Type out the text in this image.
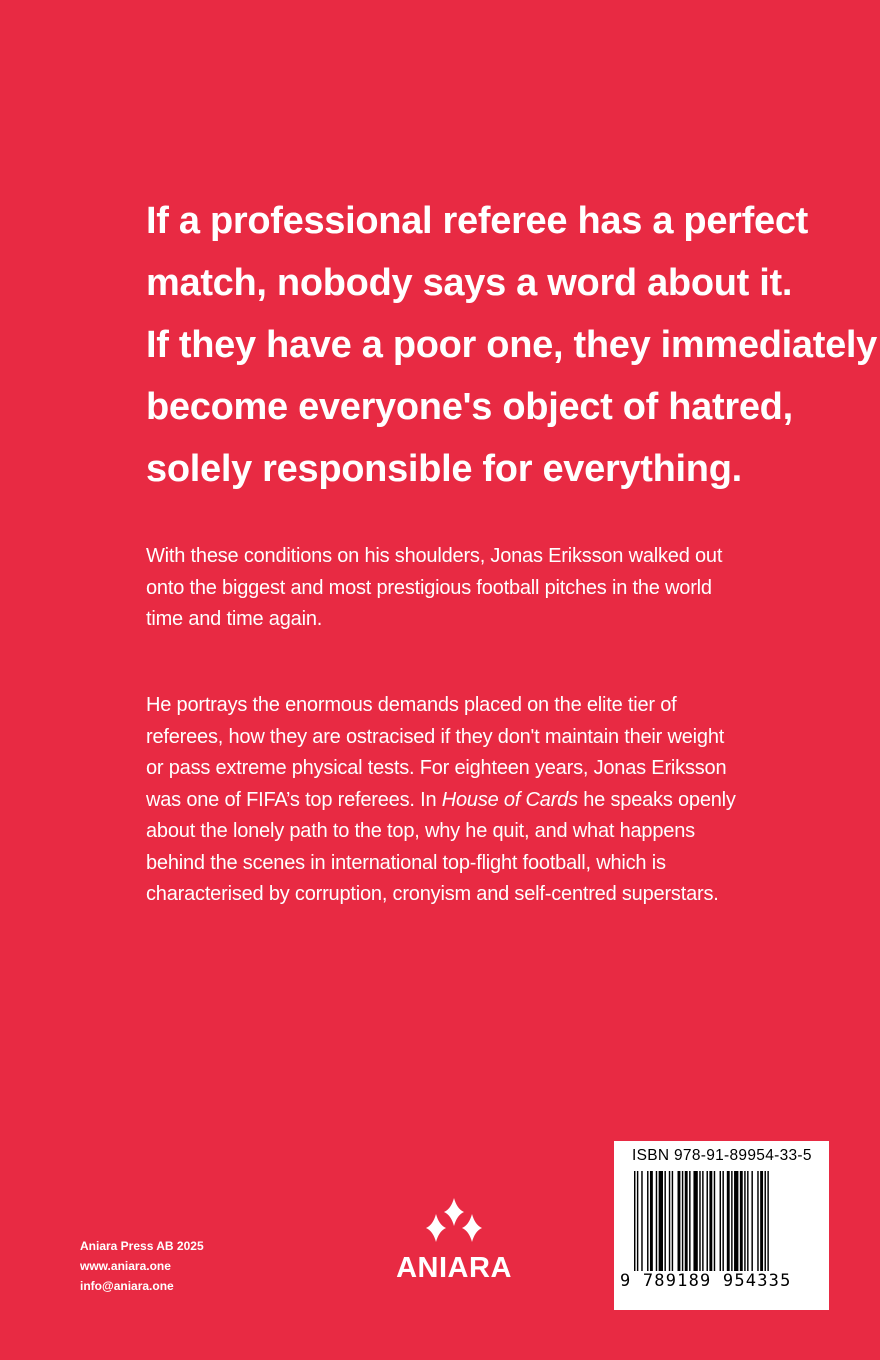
If a professional referee has a perfect
match, nobody says a word about it.
If they have a poor one, they immediately
become everyone's object of hatred,
solely responsible for everything.
With these conditions on his shoulders, Jonas Eriksson walked out
onto the biggest and most prestigious football pitches in the world
time and time again.
He portrays the enormous demands placed on the elite tier of
referees, how they are ostracised if they don't maintain their weight
or pass extreme physical tests. For eighteen years, Jonas Eriksson
was one of FIFA’s top referees. In House of Cards he speaks openly
about the lonely path to the top, why he quit, and what happens
behind the scenes in international top-flight football, which is
characterised by corruption, cronyism and self-centred superstars.
Aniara Press AB 2025
www.aniara.one
info@aniara.one
ANIARA
ISBN 978-91-89954-33-5
9 789189 954335
